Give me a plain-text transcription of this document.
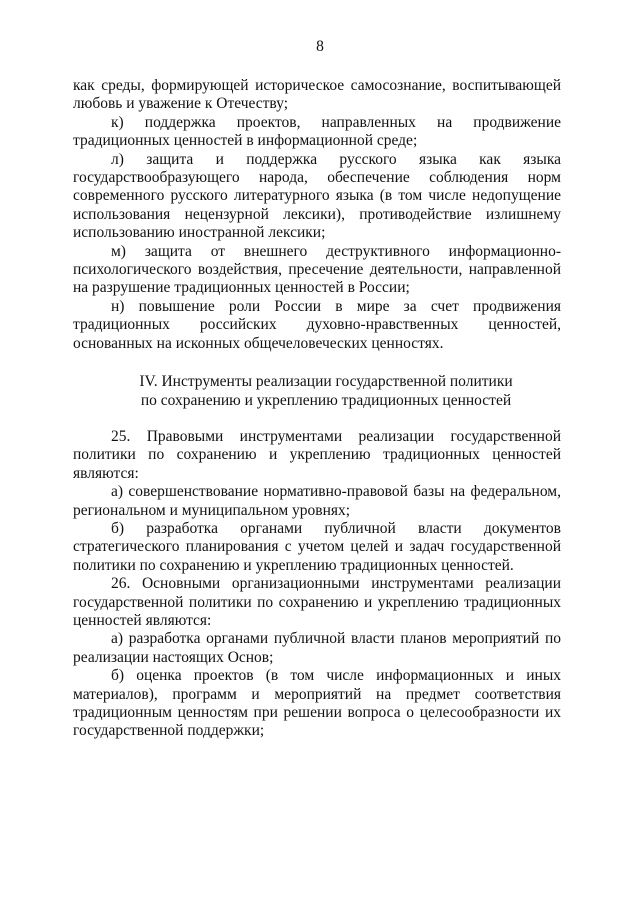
8

как среды, формирующей историческое самосознание, воспитывающей любовь и уважение к Отечеству;

к) поддержка проектов, направленных на продвижение традиционных ценностей в информационной среде;

л) защита и поддержка русского языка как языка государствообразующего народа, обеспечение соблюдения норм современного русского литературного языка (в том числе недопущение использования нецензурной лексики), противодействие излишнему использованию иностранной лексики;

м) защита от внешнего деструктивного информационно-психологического воздействия, пресечение деятельности, направленной на разрушение традиционных ценностей в России;

н) повышение роли России в мире за счет продвижения традиционных российских духовно-нравственных ценностей, основанных на исконных общечеловеческих ценностях.

IV. Инструменты реализации государственной политики

по сохранению и укреплению традиционных ценностей

25. Правовыми инструментами реализации государственной политики по сохранению и укреплению традиционных ценностей являются:

а) совершенствование нормативно-правовой базы на федеральном, региональном и муниципальном уровнях;

б) разработка органами публичной власти документов стратегического планирования с учетом целей и задач государственной политики по сохранению и укреплению традиционных ценностей.

26. Основными организационными инструментами реализации государственной политики по сохранению и укреплению традиционных ценностей являются:

а) разработка органами публичной власти планов мероприятий по реализации настоящих Основ;

б) оценка проектов (в том числе информационных и иных материалов), программ и мероприятий на предмет соответствия традиционным ценностям при решении вопроса о целесообразности их государственной поддержки;
